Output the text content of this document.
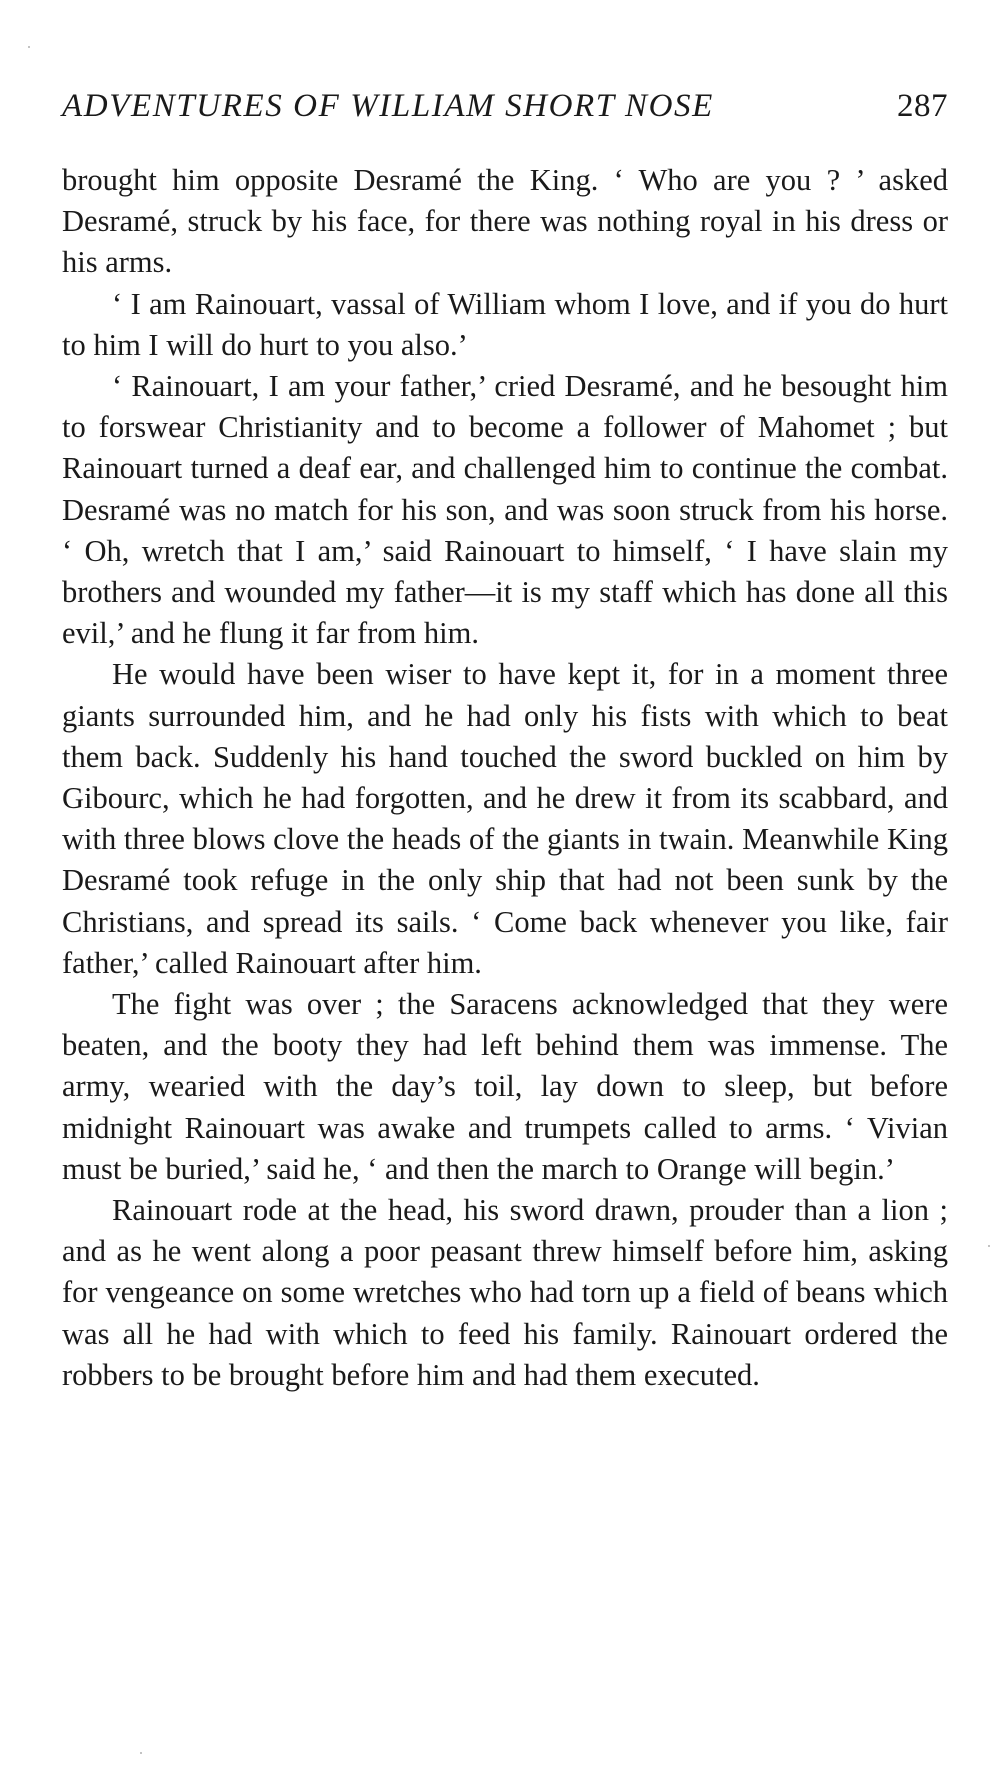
ADVENTURES OF WILLIAM SHORT NOSE	287

brought him opposite Desramé the King. ‘ Who are you ? ’ asked Desramé, struck by his face, for there was nothing royal in his dress or his arms.

‘ I am Rainouart, vassal of William whom I love, and if you do hurt to him I will do hurt to you also.’

‘ Rainouart, I am your father,’ cried Desramé, and he besought him to forswear Christianity and to become a follower of Mahomet ; but Rainouart turned a deaf ear, and challenged him to continue the combat. Desramé was no match for his son, and was soon struck from his horse. ‘ Oh, wretch that I am,’ said Rainouart to himself, ‘ I have slain my brothers and wounded my father—it is my staff which has done all this evil,’ and he flung it far from him.

He would have been wiser to have kept it, for in a moment three giants surrounded him, and he had only his fists with which to beat them back. Suddenly his hand touched the sword buckled on him by Gibourc, which he had forgotten, and he drew it from its scabbard, and with three blows clove the heads of the giants in twain. Meanwhile King Desramé took refuge in the only ship that had not been sunk by the Christians, and spread its sails. ‘ Come back whenever you like, fair father,’ called Rainouart after him.

The fight was over ; the Saracens acknowledged that they were beaten, and the booty they had left behind them was immense. The army, wearied with the day’s toil, lay down to sleep, but before midnight Rainouart was awake and trumpets called to arms. ‘ Vivian must be buried,’ said he, ‘ and then the march to Orange will begin.’

Rainouart rode at the head, his sword drawn, prouder than a lion ; and as he went along a poor peasant threw himself before him, asking for vengeance on some wretches who had torn up a field of beans which was all he had with which to feed his family. Rainouart ordered the robbers to be brought before him and had them executed.
